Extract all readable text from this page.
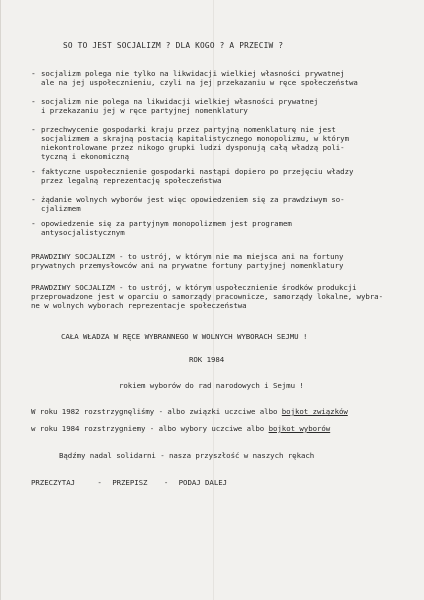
SO TO JEST SOCJALIZM ? DLA KOGO ? A PRZECIW ?
- socjalizm polega nie tylko na likwidacji wielkiej własności prywatnej
ale na jej uspołecznieniu, czyli na jej przekazaniu w ręce społeczeństwa
- socjalizm nie polega na likwidacji wielkiej własności prywatnej
i przekazaniu jej w ręce partyjnej nomenklatury
- przechwycenie gospodarki kraju przez partyjną nomenklaturę nie jest
socjalizmem a skrajną postacią kapitalistycznego monopolizmu, w którym
niekontrolowane przez nikogo grupki ludzi dysponują całą władzą poli-
tyczną i ekonomiczną
- faktyczne uspołecznienie gospodarki nastąpi dopiero po przejęciu władzy
przez legalną reprezentację społeczeństwa
- żądanie wolnych wyborów jest więc opowiedzeniem się za prawdziwym so-
cjalizmem
- opowiedzenie się za partyjnym monopolizmem jest programem
antysocjalistycznym
PRAWDZIWY SOCJALIZM - to ustrój, w którym nie ma miejsca ani na fortuny
prywatnych przemysłowców ani na prywatne fortuny partyjnej nomenklatury
PRAWDZIWY SOCJALIZM - to ustrój, w którym uspołecznienie środków produkcji
przeprowadzone jest w oparciu o samorządy pracownicze, samorządy lokalne, wybra-
ne w wolnych wyborach reprezentacje społeczeństwa
CAŁA WŁADZA W RĘCE WYBRANNEGO W WOLNYCH WYBORACH SEJMU !
ROK 1984
rokiem wyborów do rad narodowych i Sejmu !
W roku 1982 rozstrzygnęliśmy - albo związki uczciwe albo bojkot związków
w roku 1984 rozstrzygniemy - albo wybory uczciwe albo bojkot wyborów
Bądźmy nadal solidarni - nasza przyszłość w naszych rękach
PRZECZYTAJ	- PRZEPISZ - PODAJ DALEJ
